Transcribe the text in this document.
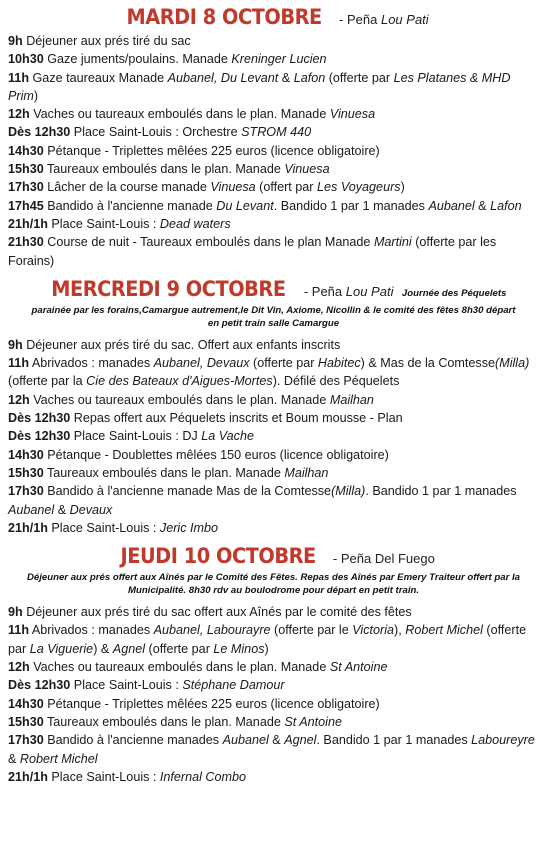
MARDI 8 OCTOBRE - Peña Lou Pati

9h Déjeuner aux prés tiré du sac

10h30 Gaze juments/poulains. Manade Kreninger Lucien

11h Gaze taureaux Manade Aubanel, Du Levant & Lafon (offerte par Les Platanes & MHD Prim)

12h Vaches ou taureaux emboulés dans le plan. Manade Vinuesa

Dès 12h30 Place Saint-Louis : Orchestre STROM 440

14h30 Pétanque - Triplettes mêlées 225 euros (licence obligatoire)

15h30 Taureaux emboulés dans le plan. Manade Vinuesa

17h30 Lâcher de la course manade Vinuesa (offert par Les Voyageurs)

17h45 Bandido à l'ancienne manade Du Levant. Bandido 1 par 1 manades Aubanel & Lafon

21h/1h Place Saint-Louis : Dead waters

21h30 Course de nuit - Taureaux emboulés dans le plan Manade Martini (offerte par les Forains)

MERCREDI 9 OCTOBRE - Peña Lou Pati Journée des Péquelets
parainée par les forains,Camargue autrement,le Dit Vin, Axiome, Nicollin & le comité des fêtes 8h30 départ en petit train salle Camargue

9h Déjeuner aux prés tiré du sac. Offert aux enfants inscrits

11h Abrivados : manades Aubanel, Devaux (offerte par Habitec) & Mas de la Comtesse(Milla) (offerte par la Cie des Bateaux d'Aigues-Mortes). Défilé des Péquelets

12h Vaches ou taureaux emboulés dans le plan. Manade Mailhan

Dès 12h30 Repas offert aux Péquelets inscrits et Boum mousse - Plan

Dès 12h30 Place Saint-Louis : DJ La Vache

14h30 Pétanque - Doublettes mêlées 150 euros (licence obligatoire)

15h30 Taureaux emboulés dans le plan. Manade Mailhan

17h30 Bandido à l'ancienne manade Mas de la Comtesse(Milla). Bandido 1 par 1 manades Aubanel & Devaux

21h/1h Place Saint-Louis : Jeric Imbo

JEUDI 10 OCTOBRE - Peña Del Fuego
Déjeuner aux prés offert aux Aînés par le Comité des Fêtes. Repas des Aînés par Emery Traiteur offert par la Municipalité. 8h30 rdv au boulodrome pour départ en petit train.

9h Déjeuner aux prés tiré du sac offert aux Aînés par le comité des fêtes

11h Abrivados : manades Aubanel, Labourayre (offerte par le Victoria), Robert Michel (offerte par La Viguerie) & Agnel (offerte par Le Minos)

12h Vaches ou taureaux emboulés dans le plan. Manade St Antoine

Dès 12h30 Place Saint-Louis : Stéphane Damour

14h30 Pétanque - Triplettes mêlées 225 euros (licence obligatoire)

15h30 Taureaux emboulés dans le plan. Manade St Antoine

17h30 Bandido à l'ancienne manades Aubanel & Agnel. Bandido 1 par 1 manades Laboureyre & Robert Michel

21h/1h Place Saint-Louis : Infernal Combo
